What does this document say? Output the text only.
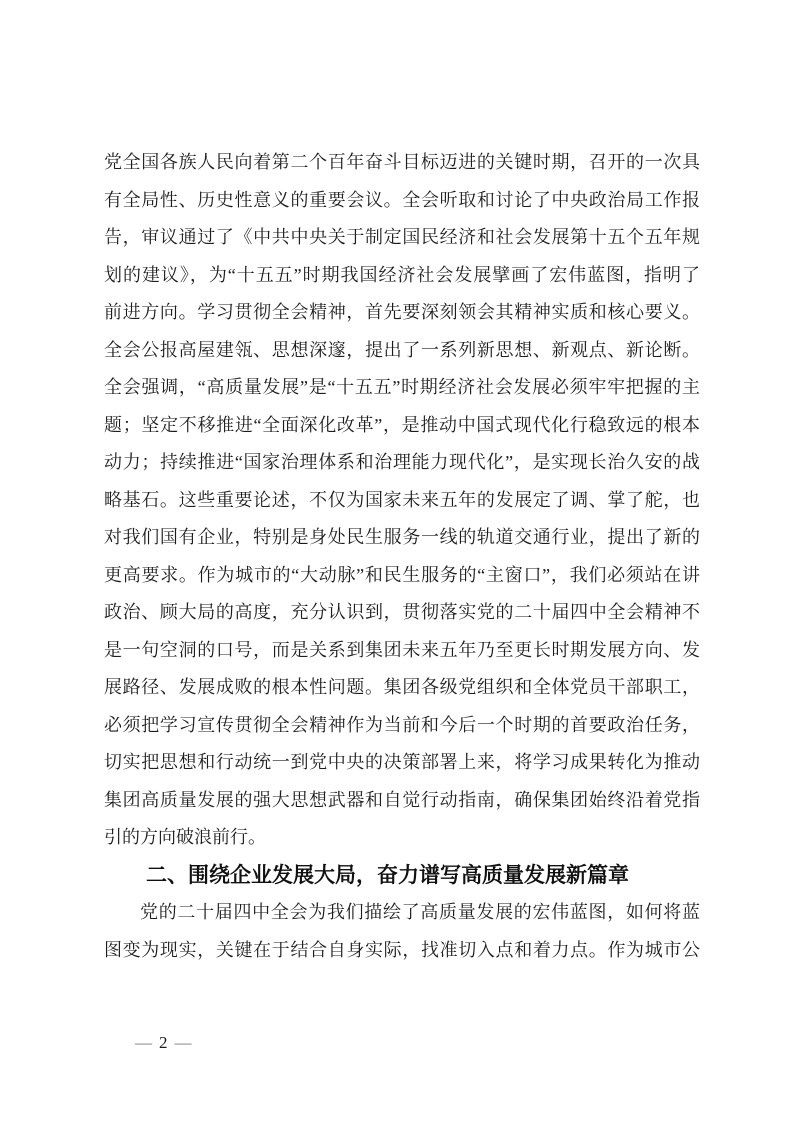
党全国各族人民向着第二个百年奋斗目标迈进的关键时期，召开的一次具
有全局性、历史性意义的重要会议。全会听取和讨论了中央政治局工作报
告，审议通过了《中共中央关于制定国民经济和社会发展第十五个五年规
划的建议》，为“十五五”时期我国经济社会发展擘画了宏伟蓝图，指明了
前进方向。学习贯彻全会精神，首先要深刻领会其精神实质和核心要义。
全会公报高屋建瓴、思想深邃，提出了一系列新思想、新观点、新论断。
全会强调，“高质量发展”是“十五五”时期经济社会发展必须牢牢把握的主
题；坚定不移推进“全面深化改革”，是推动中国式现代化行稳致远的根本
动力；持续推进“国家治理体系和治理能力现代化”，是实现长治久安的战
略基石。这些重要论述，不仅为国家未来五年的发展定了调、掌了舵，也
对我们国有企业，特别是身处民生服务一线的轨道交通行业，提出了新的
更高要求。作为城市的“大动脉”和民生服务的“主窗口”，我们必须站在讲
政治、顾大局的高度，充分认识到，贯彻落实党的二十届四中全会精神不
是一句空洞的口号，而是关系到集团未来五年乃至更长时期发展方向、发
展路径、发展成败的根本性问题。集团各级党组织和全体党员干部职工，
必须把学习宣传贯彻全会精神作为当前和今后一个时期的首要政治任务，
切实把思想和行动统一到党中央的决策部署上来，将学习成果转化为推动
集团高质量发展的强大思想武器和自觉行动指南，确保集团始终沿着党指
引的方向破浪前行。
二、围绕企业发展大局，奋力谱写高质量发展新篇章
党的二十届四中全会为我们描绘了高质量发展的宏伟蓝图，如何将蓝
图变为现实，关键在于结合自身实际，找准切入点和着力点。作为城市公
— 2 —
